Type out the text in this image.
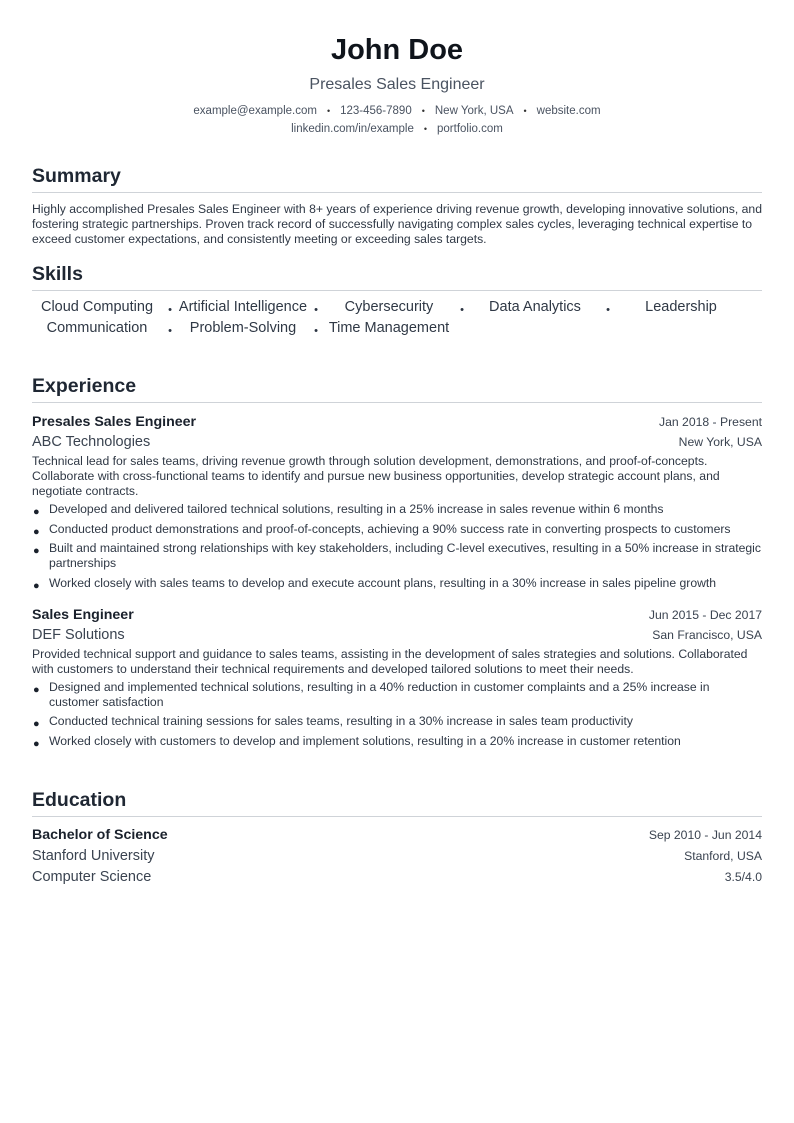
John Doe
Presales Sales Engineer
example@example.com • 123-456-7890 • New York, USA • website.com
linkedin.com/in/example • portfolio.com
Summary
Highly accomplished Presales Sales Engineer with 8+ years of experience driving revenue growth, developing innovative solutions, and fostering strategic partnerships. Proven track record of successfully navigating complex sales cycles, leveraging technical expertise to exceed customer expectations, and consistently meeting or exceeding sales targets.
Skills
Cloud Computing	• Artificial Intelligence •	Cybersecurity	•	Data Analytics	•	Leadership
Communication	•	Problem-Solving	• Time Management
Experience
Presales Sales Engineer	Jan 2018 - Present
ABC Technologies	New York, USA
Technical lead for sales teams, driving revenue growth through solution development, demonstrations, and proof-of-concepts. Collaborate with cross-functional teams to identify and pursue new business opportunities, develop strategic account plans, and negotiate contracts.
● Developed and delivered tailored technical solutions, resulting in a 25% increase in sales revenue within 6 months
● Conducted product demonstrations and proof-of-concepts, achieving a 90% success rate in converting prospects to customers
● Built and maintained strong relationships with key stakeholders, including C-level executives, resulting in a 50% increase in strategic partnerships
● Worked closely with sales teams to develop and execute account plans, resulting in a 30% increase in sales pipeline growth
Sales Engineer	Jun 2015 - Dec 2017
DEF Solutions	San Francisco, USA
Provided technical support and guidance to sales teams, assisting in the development of sales strategies and solutions. Collaborated with customers to understand their technical requirements and developed tailored solutions to meet their needs.
● Designed and implemented technical solutions, resulting in a 40% reduction in customer complaints and a 25% increase in customer satisfaction
● Conducted technical training sessions for sales teams, resulting in a 30% increase in sales team productivity
● Worked closely with customers to develop and implement solutions, resulting in a 20% increase in customer retention
Education
Bachelor of Science	Sep 2010 - Jun 2014
Stanford University	Stanford, USA
Computer Science	3.5/4.0
